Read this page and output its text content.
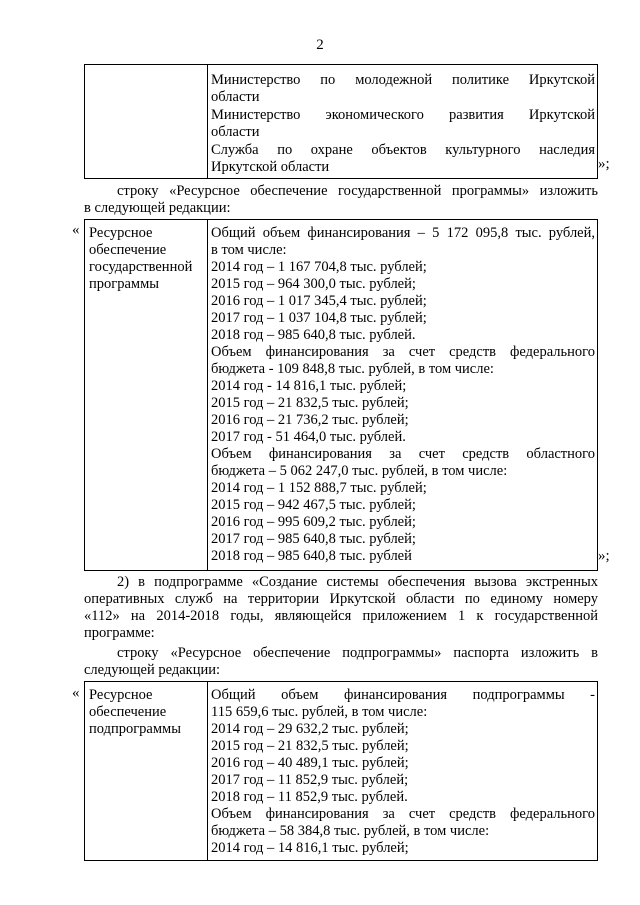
2
Министерство по молодежной политике Иркутской
области
Министерство экономического развития Иркутской
области
Служба по охране объектов культурного наследия
Иркутской области	»;
строку «Ресурсное обеспечение государственной программы» изложить
в следующей редакции:
« Ресурсное
обеспечение
государственной
программы
Общий объем финансирования – 5 172 095,8 тыс. рублей,
в том числе:
2014 год – 1 167 704,8 тыс. рублей;
2015 год – 964 300,0 тыс. рублей;
2016 год – 1 017 345,4 тыс. рублей;
2017 год – 1 037 104,8 тыс. рублей;
2018 год – 985 640,8 тыс. рублей.
Объем финансирования за счет средств федерального
бюджета - 109 848,8 тыс. рублей, в том числе:
2014 год - 14 816,1 тыс. рублей;
2015 год – 21 832,5 тыс. рублей;
2016 год – 21 736,2 тыс. рублей;
2017 год - 51 464,0 тыс. рублей.
Объем финансирования за счет средств областного
бюджета – 5 062 247,0 тыс. рублей, в том числе:
2014 год – 1 152 888,7 тыс. рублей;
2015 год – 942 467,5 тыс. рублей;
2016 год – 995 609,2 тыс. рублей;
2017 год – 985 640,8 тыс. рублей;
2018 год – 985 640,8 тыс. рублей	»;
2) в подпрограмме «Создание системы обеспечения вызова экстренных
оперативных служб на территории Иркутской области по единому номеру
«112» на 2014-2018 годы, являющейся приложением 1 к государственной
программе:
строку «Ресурсное обеспечение подпрограммы» паспорта изложить в
следующей редакции:
« Ресурсное
обеспечение
подпрограммы
Общий объем финансирования подпрограммы -
115 659,6 тыс. рублей, в том числе:
2014 год – 29 632,2 тыс. рублей;
2015 год – 21 832,5 тыс. рублей;
2016 год – 40 489,1 тыс. рублей;
2017 год – 11 852,9 тыс. рублей;
2018 год – 11 852,9 тыс. рублей.
Объем финансирования за счет средств федерального
бюджета – 58 384,8 тыс. рублей, в том числе:
2014 год – 14 816,1 тыс. рублей;
